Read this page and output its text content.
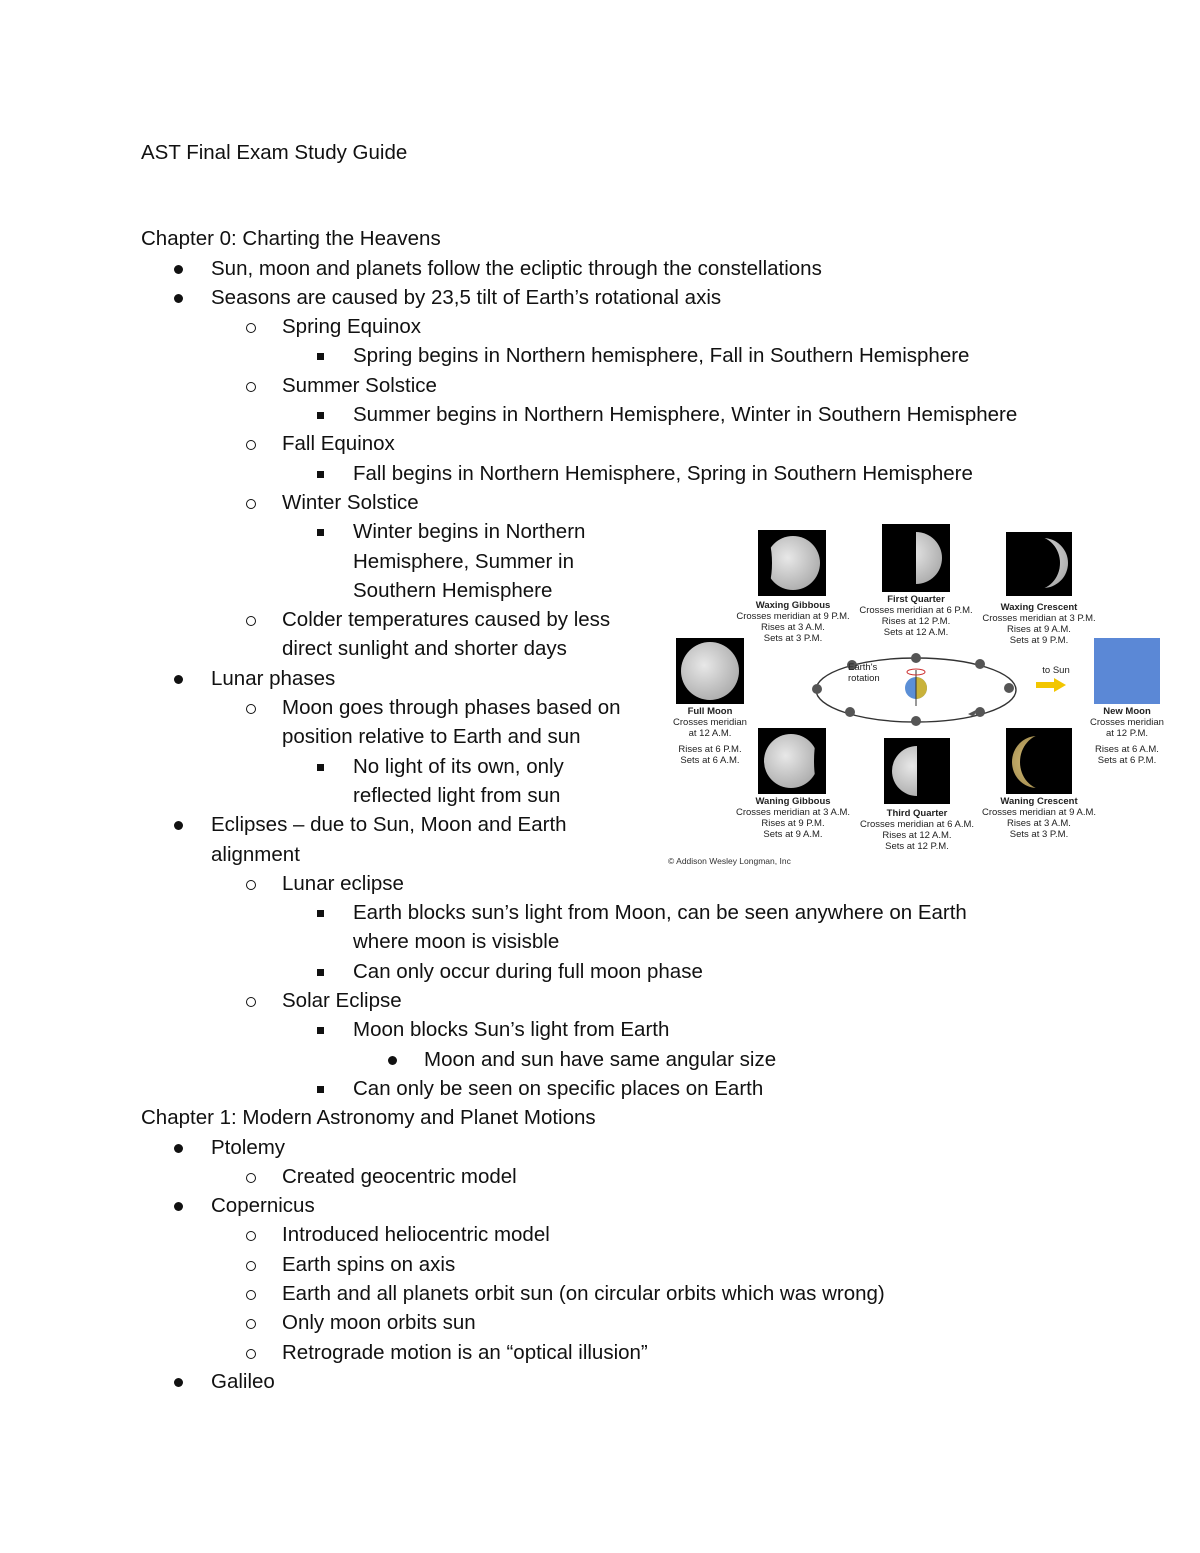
AST Final Exam Study Guide
Chapter 0: Charting the Heavens
Sun, moon and planets follow the ecliptic through the constellations
Seasons are caused by 23,5 tilt of Earth’s rotational axis
Spring Equinox
Spring begins in Northern hemisphere, Fall in Southern Hemisphere
Summer Solstice
Summer begins in Northern Hemisphere, Winter in Southern Hemisphere
Fall Equinox
Fall begins in Northern Hemisphere, Spring in Southern Hemisphere
Winter Solstice
Winter begins in Northern Hemisphere, Summer in Southern Hemisphere
Colder temperatures caused by less direct sunlight and shorter days
Lunar phases
Moon goes through phases based on position relative to Earth and sun
No light of its own, only reflected light from sun
Eclipses – due to Sun, Moon and Earth alignment
Lunar eclipse
Earth blocks sun’s light from Moon, can be seen anywhere on Earth where moon is visisble
Can only occur during full moon phase
Solar Eclipse
Moon blocks Sun’s light from Earth
Moon and sun have same angular size
Can only be seen on specific places on Earth
Chapter 1: Modern Astronomy and Planet Motions
Ptolemy
Created geocentric model
Copernicus
Introduced heliocentric model
Earth spins on axis
Earth and all planets orbit sun (on circular orbits which was wrong)
Only moon orbits sun
Retrograde motion is an “optical illusion”
Galileo
Waxing Gibbous
Crosses meridian at 9 P.M.
Rises at 3 A.M.
Sets at 3 P.M.
First Quarter
Crosses meridian at 6 P.M.
Rises at 12 P.M.
Sets at 12 A.M.
Waxing Crescent
Crosses meridian at 3 P.M.
Rises at 9 A.M.
Sets at 9 P.M.
Full Moon
Crosses meridian
at 12 A.M.
Rises at 6 P.M.
Sets at 6 A.M.
New Moon
Crosses meridian
at 12 P.M.
Rises at 6 A.M.
Sets at 6 P.M.
Earth's rotation
to Sun
Waning Gibbous
Crosses meridian at 3 A.M.
Rises at 9 P.M.
Sets at 9 A.M.
Third Quarter
Crosses meridian at 6 A.M.
Rises at 12 A.M.
Sets at 12 P.M.
Waning Crescent
Crosses meridian at 9 A.M.
Rises at 3 A.M.
Sets at 3 P.M.
© Addison Wesley Longman, Inc
